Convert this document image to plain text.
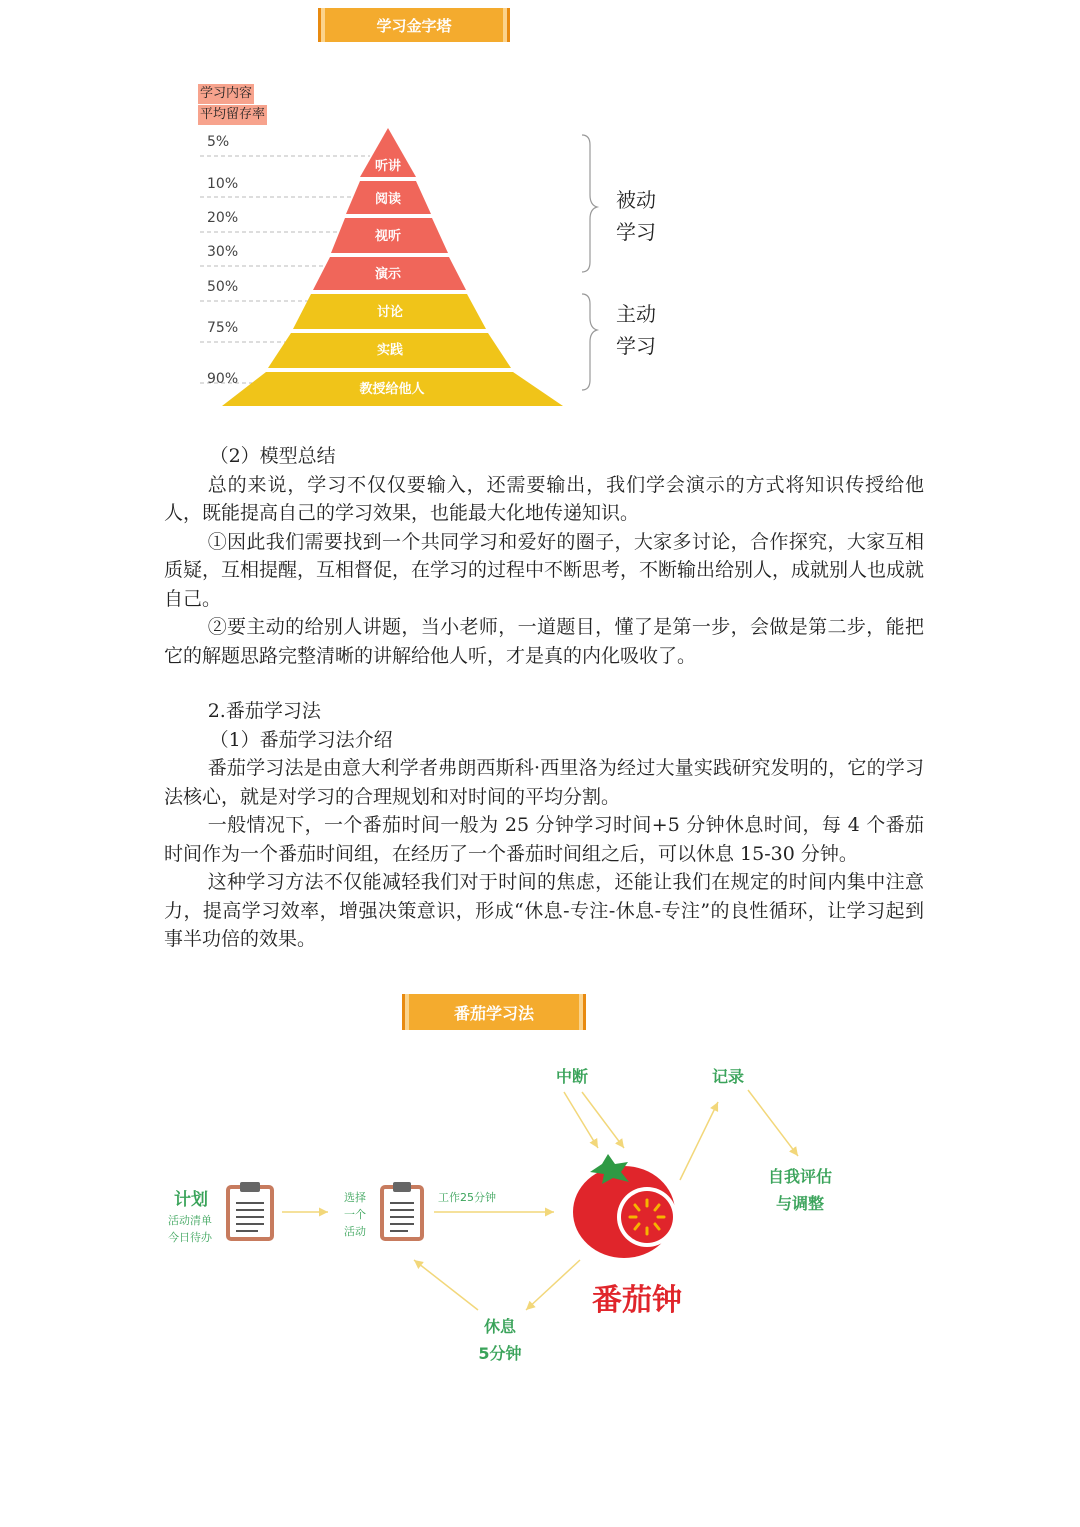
学习金字塔
学习内容
平均留存率
5%
10%
20%
30%
50%
75%
90%
听讲
阅读
视听
演示
讨论
实践
教授给他人
被动
学习
主动
学习

（2）模型总结

总的来说，学习不仅仅要输入，还需要输出，我们学会演示的方式将知识传授给他人，既能提高自己的学习效果，也能最大化地传递知识。

①因此我们需要找到一个共同学习和爱好的圈子，大家多讨论，合作探究，大家互相质疑，互相提醒，互相督促，在学习的过程中不断思考，不断输出给别人，成就别人也成就自己。

②要主动的给别人讲题，当小老师，一道题目，懂了是第一步，会做是第二步，能把它的解题思路完整清晰的讲解给他人听，才是真的内化吸收了。

2.番茄学习法

（1）番茄学习法介绍

番茄学习法是由意大利学者弗朗西斯科·西里洛为经过大量实践研究发明的，它的学习法核心，就是对学习的合理规划和对时间的平均分割。

一般情况下，一个番茄时间一般为 25 分钟学习时间+5 分钟休息时间，每 4 个番茄时间作为一个番茄时间组，在经历了一个番茄时间组之后，可以休息 15-30 分钟。

这种学习方法不仅能减轻我们对于时间的焦虑，还能让我们在规定的时间内集中注意力，提高学习效率，增强决策意识，形成“休息-专注-休息-专注”的良性循环，让学习起到事半功倍的效果。

番茄学习法
计划
活动清单
今日待办
选择
一个
活动
工作25分钟
中断	记录
自我评估
与调整
番茄钟
休息
5分钟
